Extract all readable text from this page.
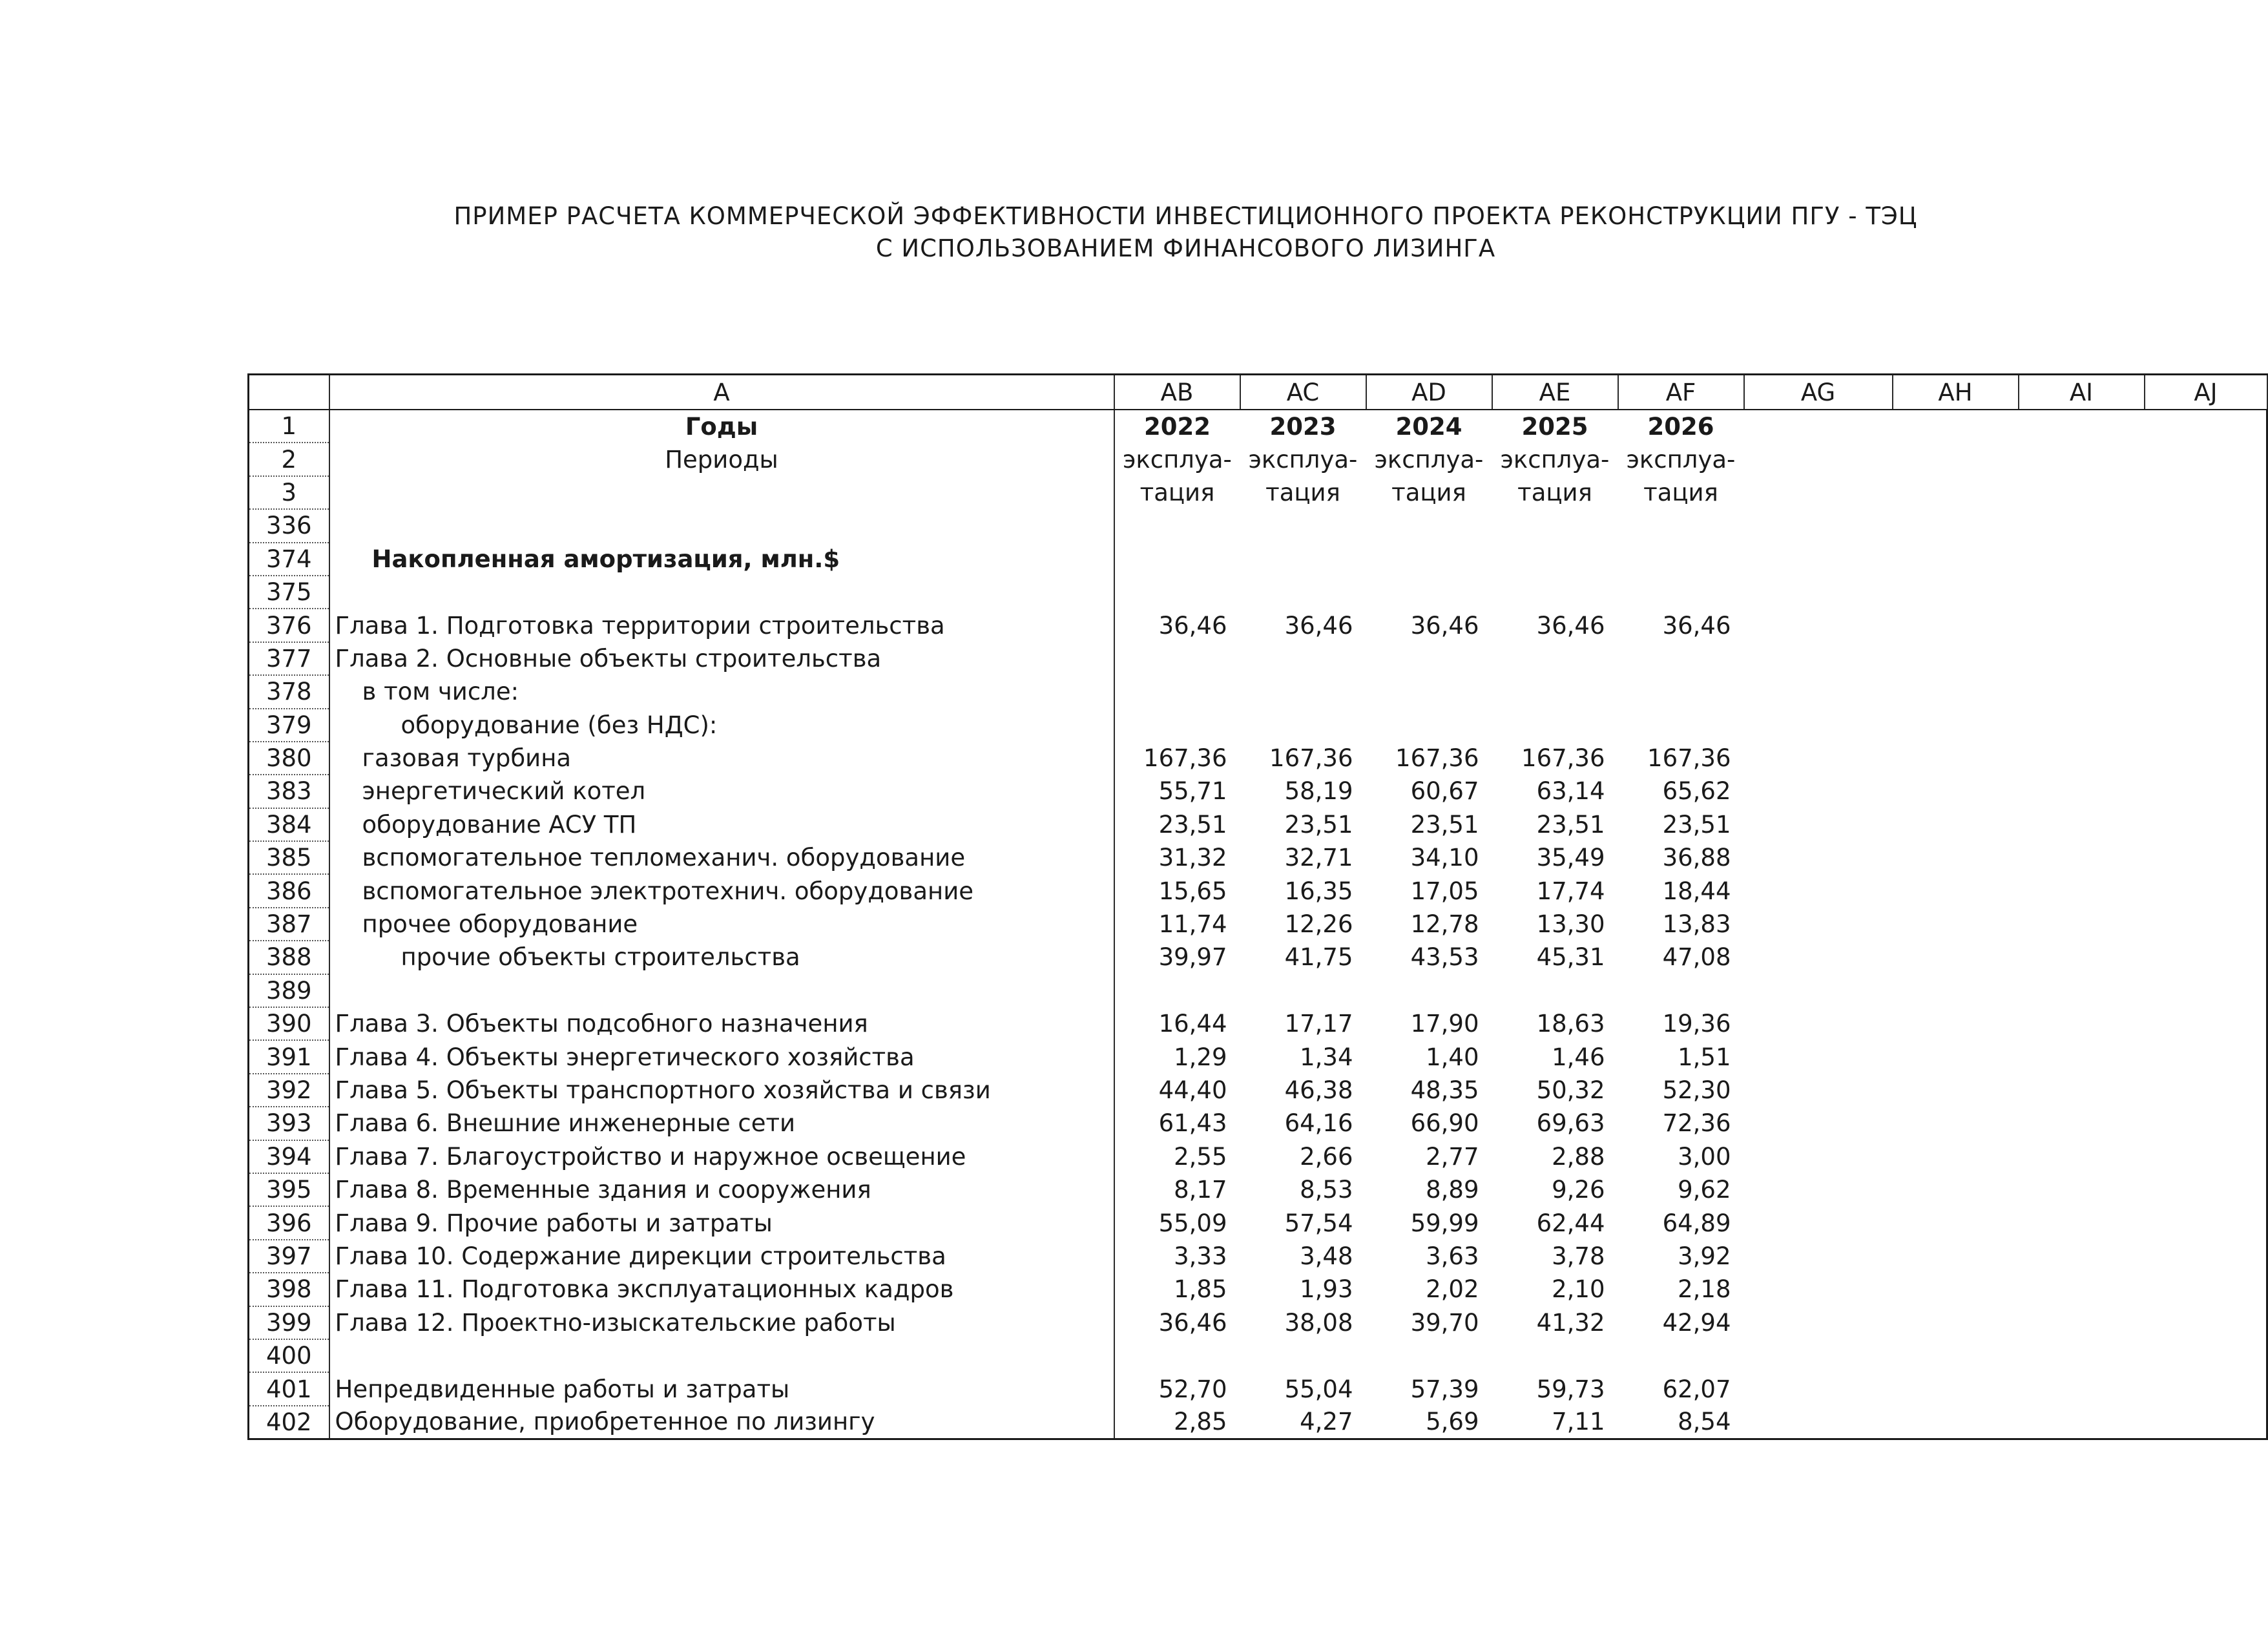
ПРИМЕР РАСЧЕТА КОММЕРЧЕСКОЙ ЭФФЕКТИВНОСТИ ИНВЕСТИЦИОННОГО ПРОЕКТА РЕКОНСТРУКЦИИ ПГУ - ТЭЦ
С ИСПОЛЬЗОВАНИЕМ ФИНАНСОВОГО ЛИЗИНГА
	A	AB	AC	AD	AE	AF	AG	AH	AI	AJ
1	Годы	2022	2023	2024	2025	2026				
2	Периоды	эксплуа-	эксплуа-	эксплуа-	эксплуа-	эксплуа-				
3		тация	тация	тация	тация	тация				
336										
374	Накопленная амортизация, млн.$									
375										
376	Глава 1. Подготовка территории строительства	36,46	36,46	36,46	36,46	36,46				
377	Глава 2. Основные объекты строительства									
378	в том числе:									
379	оборудование (без НДС):									
380	газовая турбина	167,36	167,36	167,36	167,36	167,36				
383	энергетический котел	55,71	58,19	60,67	63,14	65,62				
384	оборудование АСУ ТП	23,51	23,51	23,51	23,51	23,51				
385	вспомогательное тепломеханич. оборудование	31,32	32,71	34,10	35,49	36,88				
386	вспомогательное электротехнич. оборудование	15,65	16,35	17,05	17,74	18,44				
387	прочее оборудование	11,74	12,26	12,78	13,30	13,83				
388	прочие объекты строительства	39,97	41,75	43,53	45,31	47,08				
389										
390	Глава 3. Объекты подсобного назначения	16,44	17,17	17,90	18,63	19,36				
391	Глава 4. Объекты энергетического хозяйства	1,29	1,34	1,40	1,46	1,51				
392	Глава 5. Объекты транспортного хозяйства и связи	44,40	46,38	48,35	50,32	52,30				
393	Глава 6. Внешние инженерные сети	61,43	64,16	66,90	69,63	72,36				
394	Глава 7. Благоустройство и наружное освещение	2,55	2,66	2,77	2,88	3,00				
395	Глава 8. Временные здания и сооружения	8,17	8,53	8,89	9,26	9,62				
396	Глава 9. Прочие работы и затраты	55,09	57,54	59,99	62,44	64,89				
397	Глава 10. Содержание дирекции строительства	3,33	3,48	3,63	3,78	3,92				
398	Глава 11. Подготовка эксплуатационных кадров	1,85	1,93	2,02	2,10	2,18				
399	Глава 12. Проектно-изыскательские работы	36,46	38,08	39,70	41,32	42,94				
400										
401	Непредвиденные работы и затраты	52,70	55,04	57,39	59,73	62,07				
402	Оборудование, приобретенное по лизингу	2,85	4,27	5,69	7,11	8,54				
